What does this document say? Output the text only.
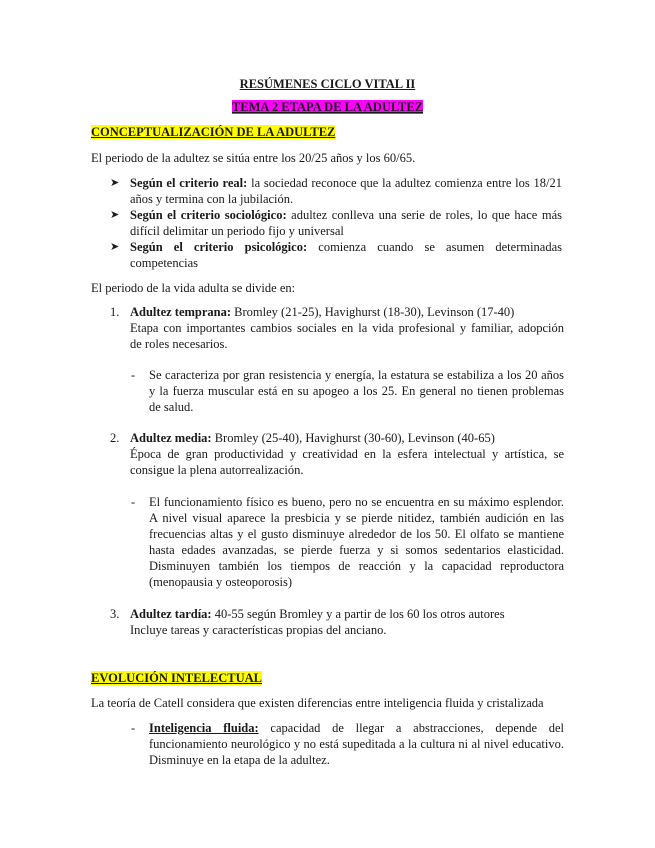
RESÚMENES CICLO VITAL II
TEMA 2 ETAPA DE LA ADULTEZ
CONCEPTUALIZACIÓN DE LA ADULTEZ
El periodo de la adultez se sitúa entre los 20/25 años y los 60/65.
➤ Según el criterio real: la sociedad reconoce que la adultez comienza entre los 18/21
años y termina con la jubilación.
➤ Según el criterio sociológico: adultez conlleva una serie de roles, lo que hace más
difícil delimitar un periodo fijo y universal
➤ Según el criterio psicológico: comienza cuando se asumen determinadas
competencias
El periodo de la vida adulta se divide en:
1. Adultez temprana: Bromley (21-25), Havighurst (18-30), Levinson (17-40)
Etapa con importantes cambios sociales en la vida profesional y familiar, adopción
de roles necesarios.
- Se caracteriza por gran resistencia y energía, la estatura se estabiliza a los 20 años
y la fuerza muscular está en su apogeo a los 25. En general no tienen problemas
de salud.
2. Adultez media: Bromley (25-40), Havighurst (30-60), Levinson (40-65)
Época de gran productividad y creatividad en la esfera intelectual y artística, se
consigue la plena autorrealización.
- El funcionamiento físico es bueno, pero no se encuentra en su máximo esplendor.
A nivel visual aparece la presbicia y se pierde nitidez, también audición en las
frecuencias altas y el gusto disminuye alrededor de los 50. El olfato se mantiene
hasta edades avanzadas, se pierde fuerza y si somos sedentarios elasticidad.
Disminuyen también los tiempos de reacción y la capacidad reproductora
(menopausia y osteoporosis)
3. Adultez tardía: 40-55 según Bromley y a partir de los 60 los otros autores
Incluye tareas y características propias del anciano.
EVOLUCIÓN INTELECTUAL
La teoría de Catell considera que existen diferencias entre inteligencia fluida y cristalizada
- Inteligencia fluida: capacidad de llegar a abstracciones, depende del
funcionamiento neurológico y no está supeditada a la cultura ni al nivel educativo.
Disminuye en la etapa de la adultez.
